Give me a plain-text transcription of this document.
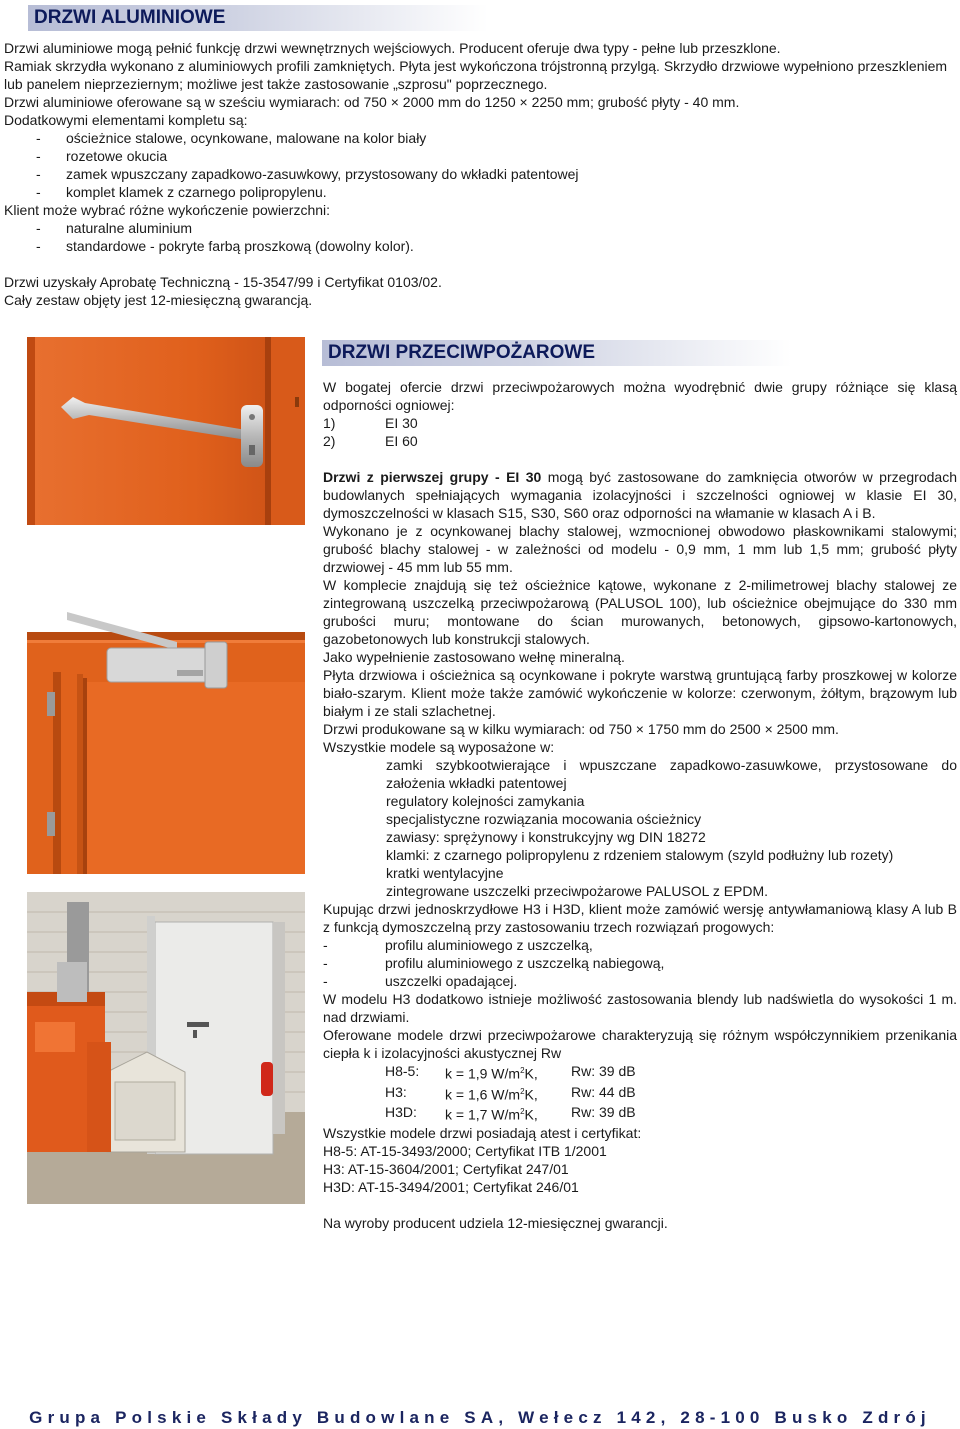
DRZWI ALUMINIOWE

Drzwi aluminiowe mogą pełnić funkcję drzwi wewnętrznych wejściowych. Producent oferuje dwa typy - pełne lub przeszklone.

Ramiak skrzydła wykonano z aluminiowych profili zamkniętych. Płyta jest wykończona trójstronną przylgą. Skrzydło drzwiowe wypełniono przeszkleniem lub panelem nieprzeziernym; możliwe jest także zastosowanie „szprosu" poprzecznego.

Drzwi aluminiowe oferowane są w sześciu wymiarach: od 750 × 2000 mm do 1250 × 2250 mm; grubość płyty - 40 mm.

Dodatkowymi elementami kompletu są:

-	ościeżnice stalowe, ocynkowane, malowane na kolor biały
-	rozetowe okucia
-	zamek wpuszczany zapadkowo-zasuwkowy, przystosowany do wkładki patentowej
-	komplet klamek z czarnego polipropylenu.

Klient może wybrać różne wykończenie powierzchni:

-	naturalne aluminium
-	standardowe - pokryte farbą proszkową (dowolny kolor).

Drzwi uzyskały Aprobatę Techniczną - 15-3547/99 i Certyfikat 0103/02.

Cały zestaw objęty jest 12-miesięczną gwarancją.

DRZWI PRZECIWPOŻAROWE

W bogatej ofercie drzwi przeciwpożarowych można wyodrębnić dwie grupy różniące się klasą odporności ogniowej:

1)	EI 30
2)	EI 60

Drzwi z pierwszej grupy - EI 30 mogą być zastosowane do zamknięcia otworów w przegrodach budowlanych spełniających wymagania izolacyjności i szczelności ogniowej w klasie EI 30, dymoszczelności w klasach S15, S30, S60 oraz odporności na włamanie w klasach A i B.

Wykonano je z ocynkowanej blachy stalowej, wzmocnionej obwodowo płaskownikami stalowymi; grubość blachy stalowej - w zależności od modelu - 0,9 mm, 1 mm lub 1,5 mm; grubość płyty drzwiowej - 45 mm lub 55 mm.

W komplecie znajdują się też ościeżnice kątowe, wykonane z 2-milimetrowej blachy stalowej ze zintegrowaną uszczelką przeciwpożarową (PALUSOL 100), lub ościeżnice obejmujące do 330 mm grubości muru; montowane do ścian murowanych, betonowych, gipsowo-kartonowych, gazobetonowych lub konstrukcji stalowych.

Jako wypełnienie zastosowano wełnę mineralną.

Płyta drzwiowa i ościeżnica są ocynkowane i pokryte warstwą gruntującą farby proszkowej w kolorze biało-szarym. Klient może także zamówić wykończenie w kolorze: czerwonym, żółtym, brązowym lub białym i ze stali szlachetnej.

Drzwi produkowane są w kilku wymiarach: od 750 × 1750 mm do 2500 × 2500 mm.

Wszystkie modele są wyposażone w:

zamki szybkootwierające i wpuszczane zapadkowo-zasuwkowe, przystosowane do założenia wkładki patentowej

regulatory kolejności zamykania

specjalistyczne rozwiązania mocowania ościeżnicy

zawiasy: sprężynowy i konstrukcyjny wg DIN 18272

klamki: z czarnego polipropylenu z rdzeniem stalowym (szyld podłużny lub rozety)

kratki wentylacyjne

zintegrowane uszczelki przeciwpożarowe PALUSOL z EPDM.

Kupując drzwi jednoskrzydłowe H3 i H3D, klient może zamówić wersję antywłamaniową klasy A lub B z funkcją dymoszczelną przy zastosowaniu trzech rozwiązań progowych:

-	profilu aluminiowego z uszczelką,
-	profilu aluminiowego z uszczelką nabiegową,
-	uszczelki opadającej.

W modelu H3 dodatkowo istnieje możliwość zastosowania blendy lub nadświetla do wysokości 1 m. nad drzwiami.

Oferowane modele drzwi przeciwpożarowe charakteryzują się różnym współczynnikiem przenikania ciepła k i izolacyjności akustycznej Rw

H8-5:	k = 1,9 $W/m^2K$,	Rw: 39 dB
H3:	k = 1,6 $W/m^2K$,	Rw: 44 dB
H3D:	k = 1,7 $W/m^2K$,	Rw: 39 dB

Wszystkie modele drzwi posiadają atest i certyfikat:

H8-5: AT-15-3493/2000; Certyfikat ITB 1/2001

H3: AT-15-3604/2001; Certyfikat 247/01

H3D: AT-15-3494/2001; Certyfikat 246/01

Na wyroby producent udziela 12-miesięcznej gwarancji.

Grupa Polskie Składy Budowlane SA, Wełecz 142, 28-100 Busko Zdrój
